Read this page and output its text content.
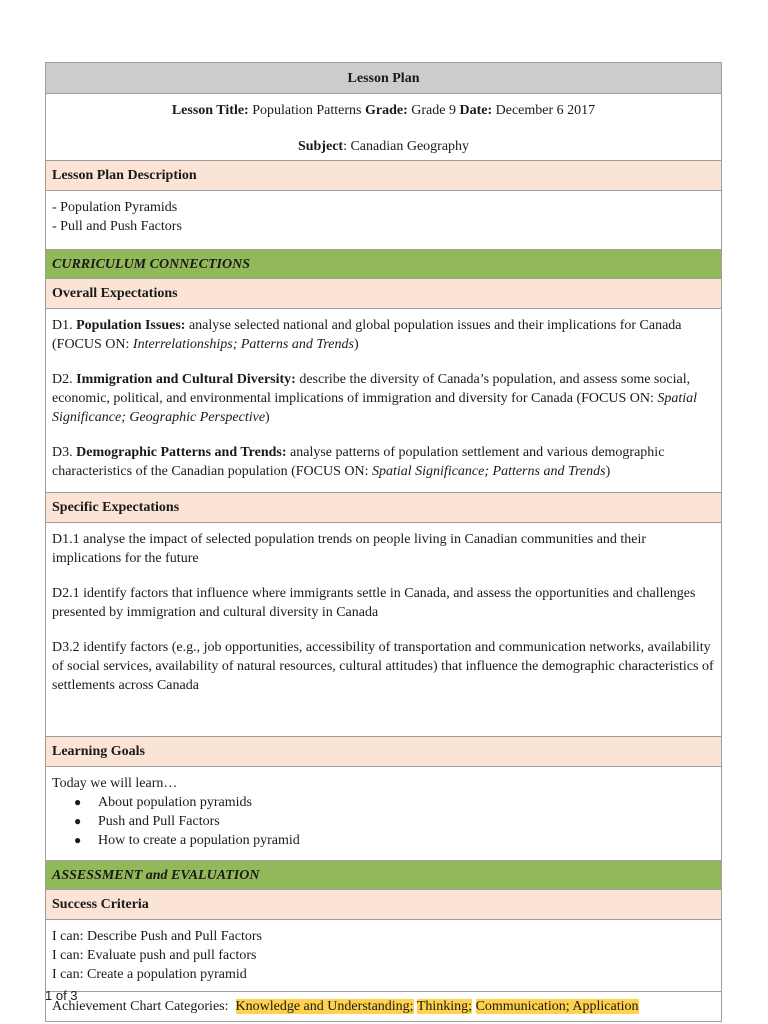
Lesson Plan

Lesson Title: Population Patterns Grade: Grade 9 Date: December 6 2017
Subject: Canadian Geography

Lesson Plan Description

- Population Pyramids
- Pull and Push Factors

CURRICULUM CONNECTIONS
Overall Expectations

D1. Population Issues: analyse selected national and global population issues and their implications for Canada (FOCUS ON: Interrelationships; Patterns and Trends)

D2. Immigration and Cultural Diversity: describe the diversity of Canada’s population, and assess some social, economic, political, and environmental implications of immigration and diversity for Canada (FOCUS ON: Spatial Significance; Geographic Perspective)

D3. Demographic Patterns and Trends: analyse patterns of population settlement and various demographic characteristics of the Canadian population (FOCUS ON: Spatial Significance; Patterns and Trends)

Specific Expectations

D1.1 analyse the impact of selected population trends on people living in Canadian communities and their implications for the future

D2.1 identify factors that influence where immigrants settle in Canada, and assess the opportunities and challenges presented by immigration and cultural diversity in Canada

D3.2 identify factors (e.g., job opportunities, accessibility of transportation and communication networks, availability of social services, availability of natural resources, cultural attitudes) that influence the demographic characteristics of settlements across Canada

Learning Goals

Today we will learn…
● About population pyramids
● Push and Pull Factors
● How to create a population pyramid

ASSESSMENT and EVALUATION
Success Criteria

I can: Describe Push and Pull Factors
I can: Evaluate push and pull factors
I can: Create a population pyramid

Achievement Chart Categories:  Knowledge and Understanding; Thinking; Communication; Application
1 of 3
